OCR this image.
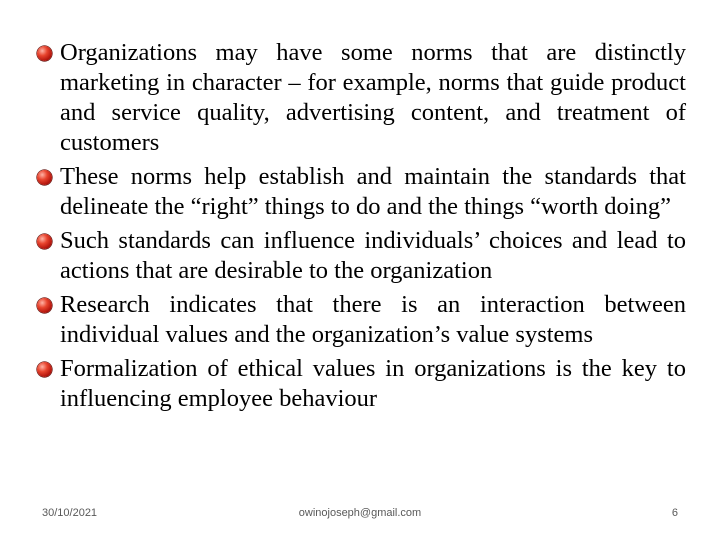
Organizations may have some norms that are distinctly marketing in character – for example, norms that guide product and service quality, advertising content, and treatment of customers
These norms help establish and maintain the standards that delineate the “right” things to do and the things “worth doing”
Such standards can influence individuals’ choices and lead to actions that are desirable to the organization
Research indicates that there is an interaction between individual values and the organization’s value systems
Formalization of ethical values in organizations is the key to influencing employee behaviour
30/10/2021	owinojoseph@gmail.com	6
